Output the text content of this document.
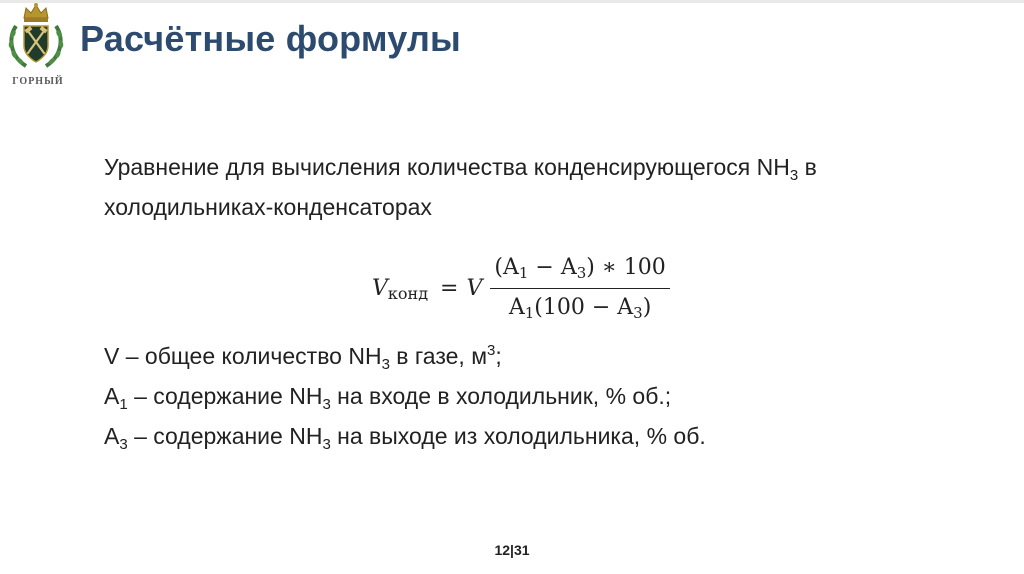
ГОРНЫЙ
Расчётные формулы
Уравнение для вычисления количества конденсирующегося $NH_3$ в холодильниках-конденсаторах
$V_{конд} = V \frac{(A_1 - A_3) ∗ 100}{A_1(100 - A_3)}$
V – общее количество $NH_3$ в газе, $м^3$;
$A_1$ – содержание $NH_3$ на входе в холодильник, % об.;
$A_3$ – содержание $NH_3$ на выходе из холодильника, % об.
12|31
